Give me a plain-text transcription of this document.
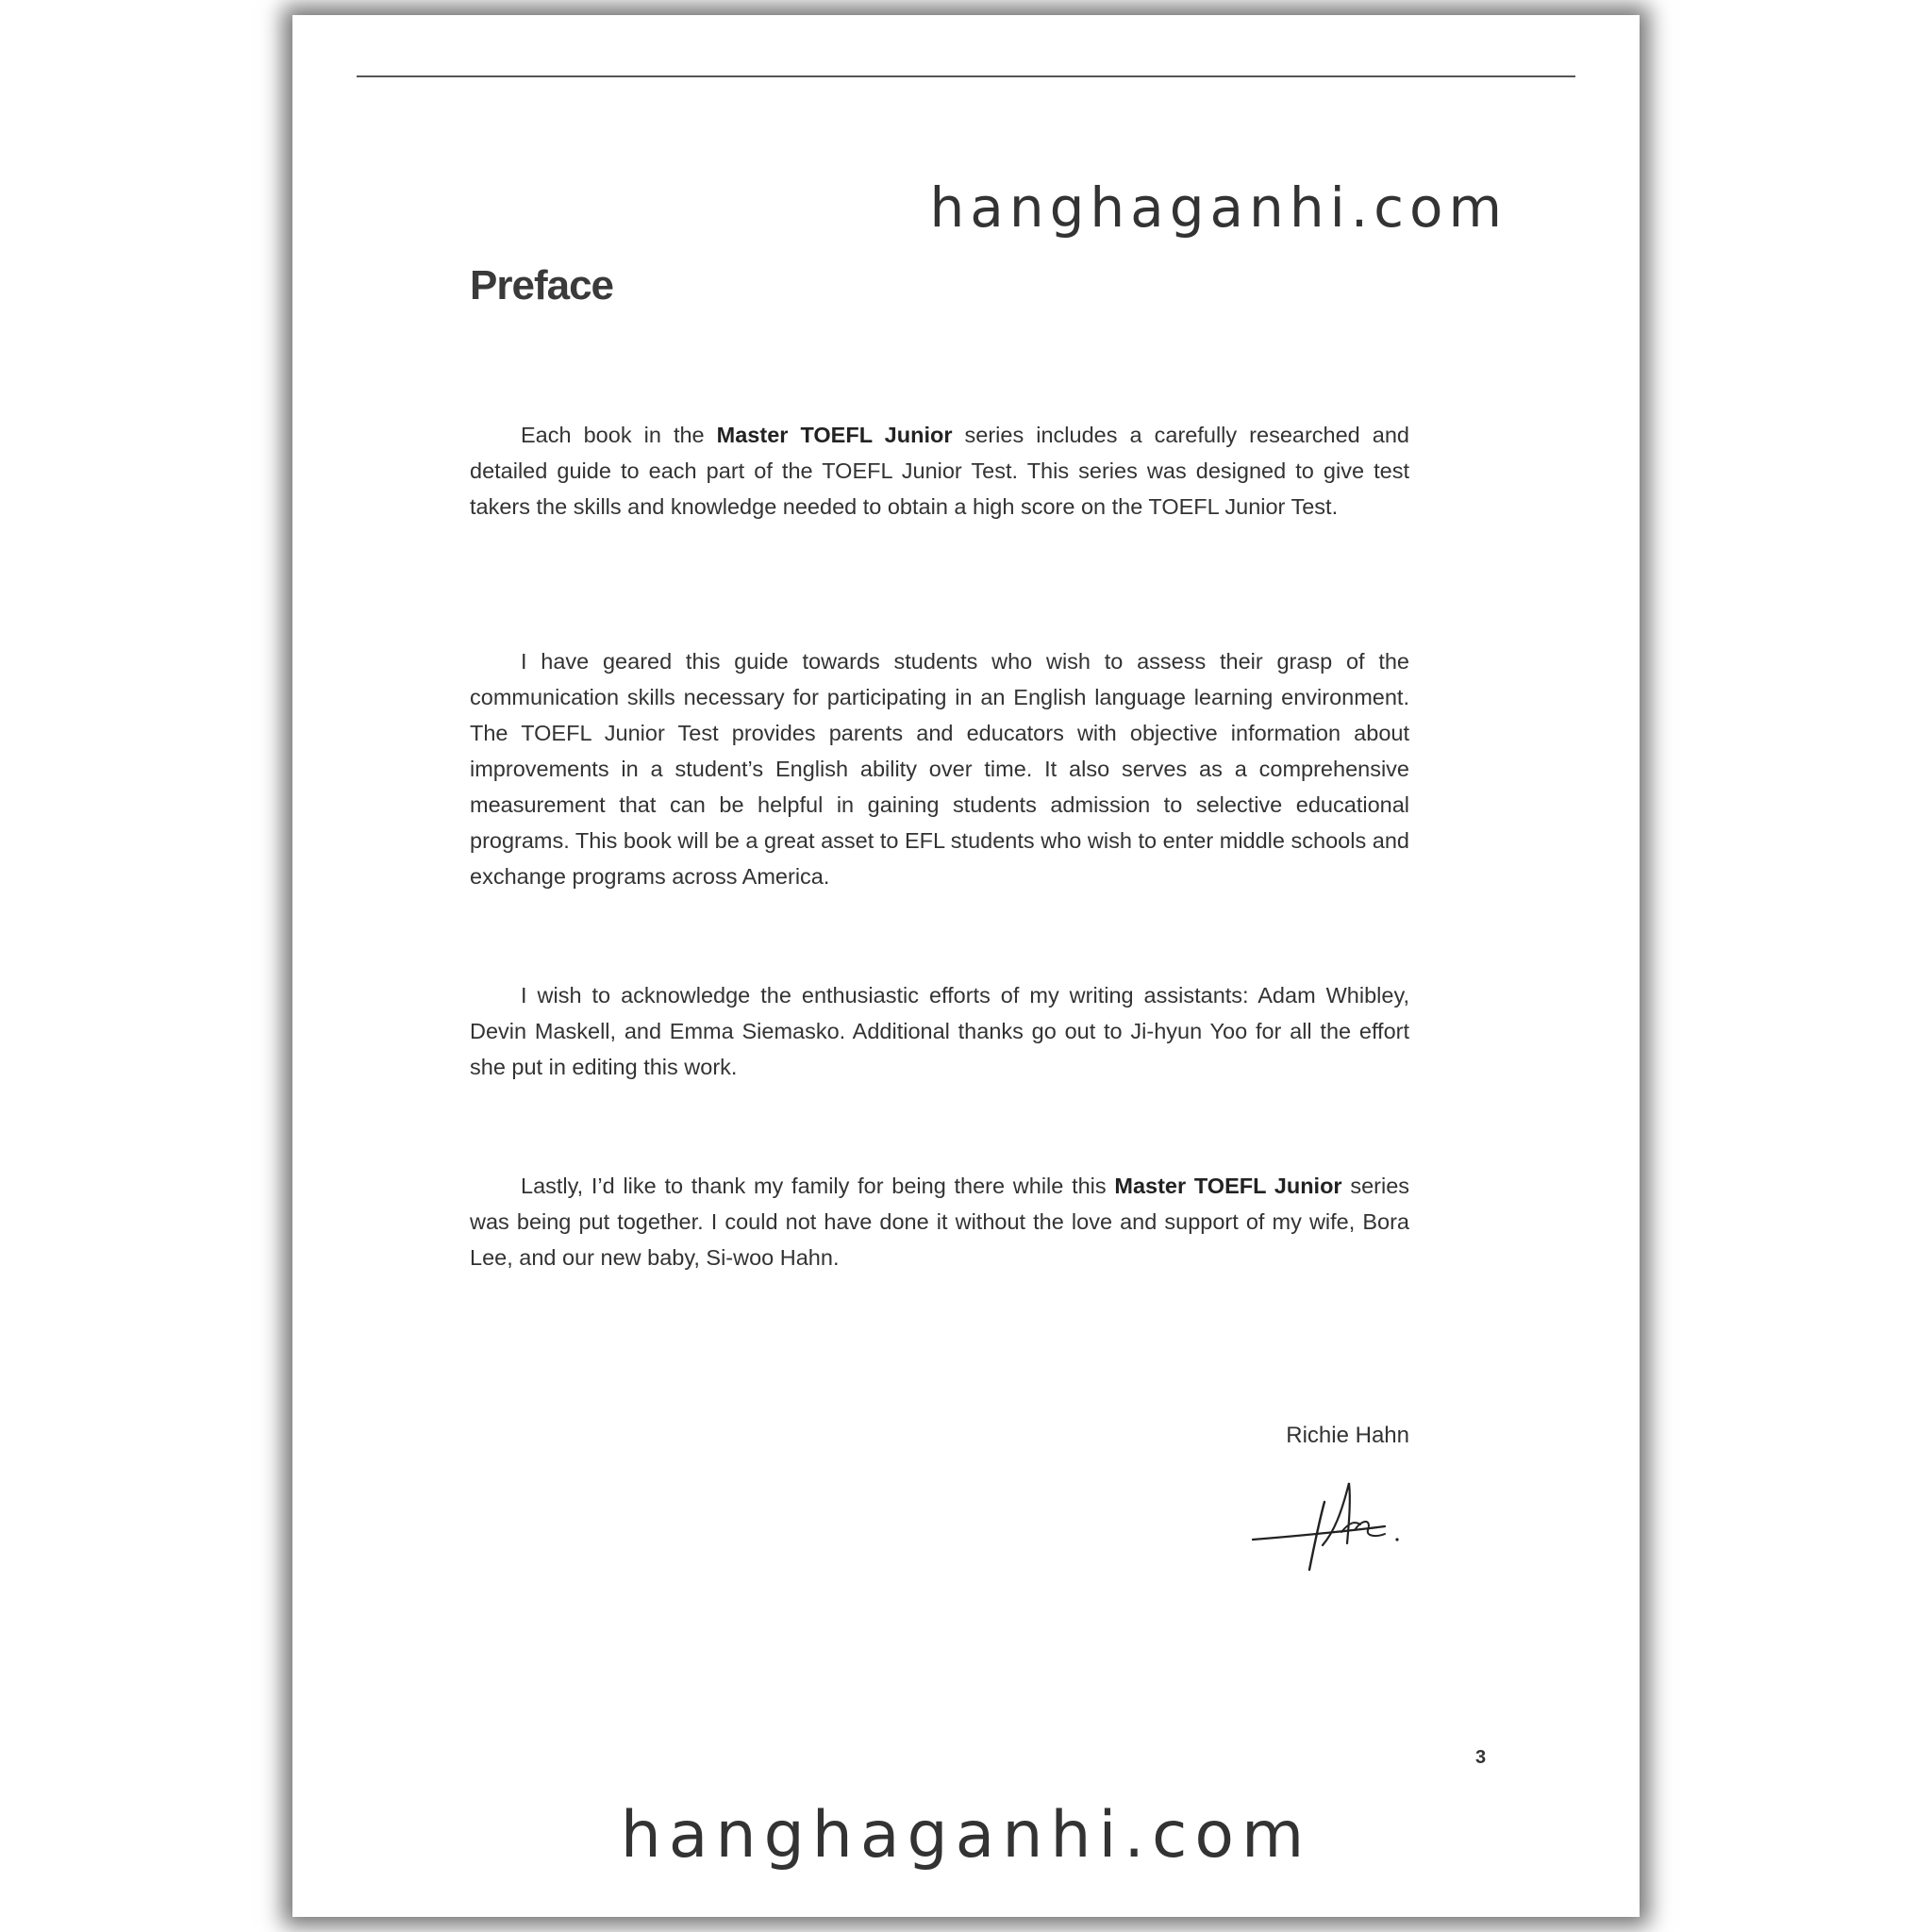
hanghaganhi.com
Preface

Each book in the Master TOEFL Junior series includes a carefully researched and detailed guide to each part of the TOEFL Junior Test. This series was designed to give test takers the skills and knowledge needed to obtain a high score on the TOEFL Junior Test.

I have geared this guide towards students who wish to assess their grasp of the communication skills necessary for participating in an English language learning environment. The TOEFL Junior Test provides parents and educators with objective information about improvements in a student’s English ability over time. It also serves as a comprehensive measurement that can be helpful in gaining students admission to selective educational programs. This book will be a great asset to EFL students who wish to enter middle schools and exchange programs across America.

I wish to acknowledge the enthusiastic efforts of my writing assistants: Adam Whibley, Devin Maskell, and Emma Siemasko. Additional thanks go out to Ji-hyun Yoo for all the effort she put in editing this work.

Lastly, I’d like to thank my family for being there while this Master TOEFL Junior series was being put together. I could not have done it without the love and support of my wife, Bora Lee, and our new baby, Si-woo Hahn.

Richie Hahn
3
hanghaganhi.com
